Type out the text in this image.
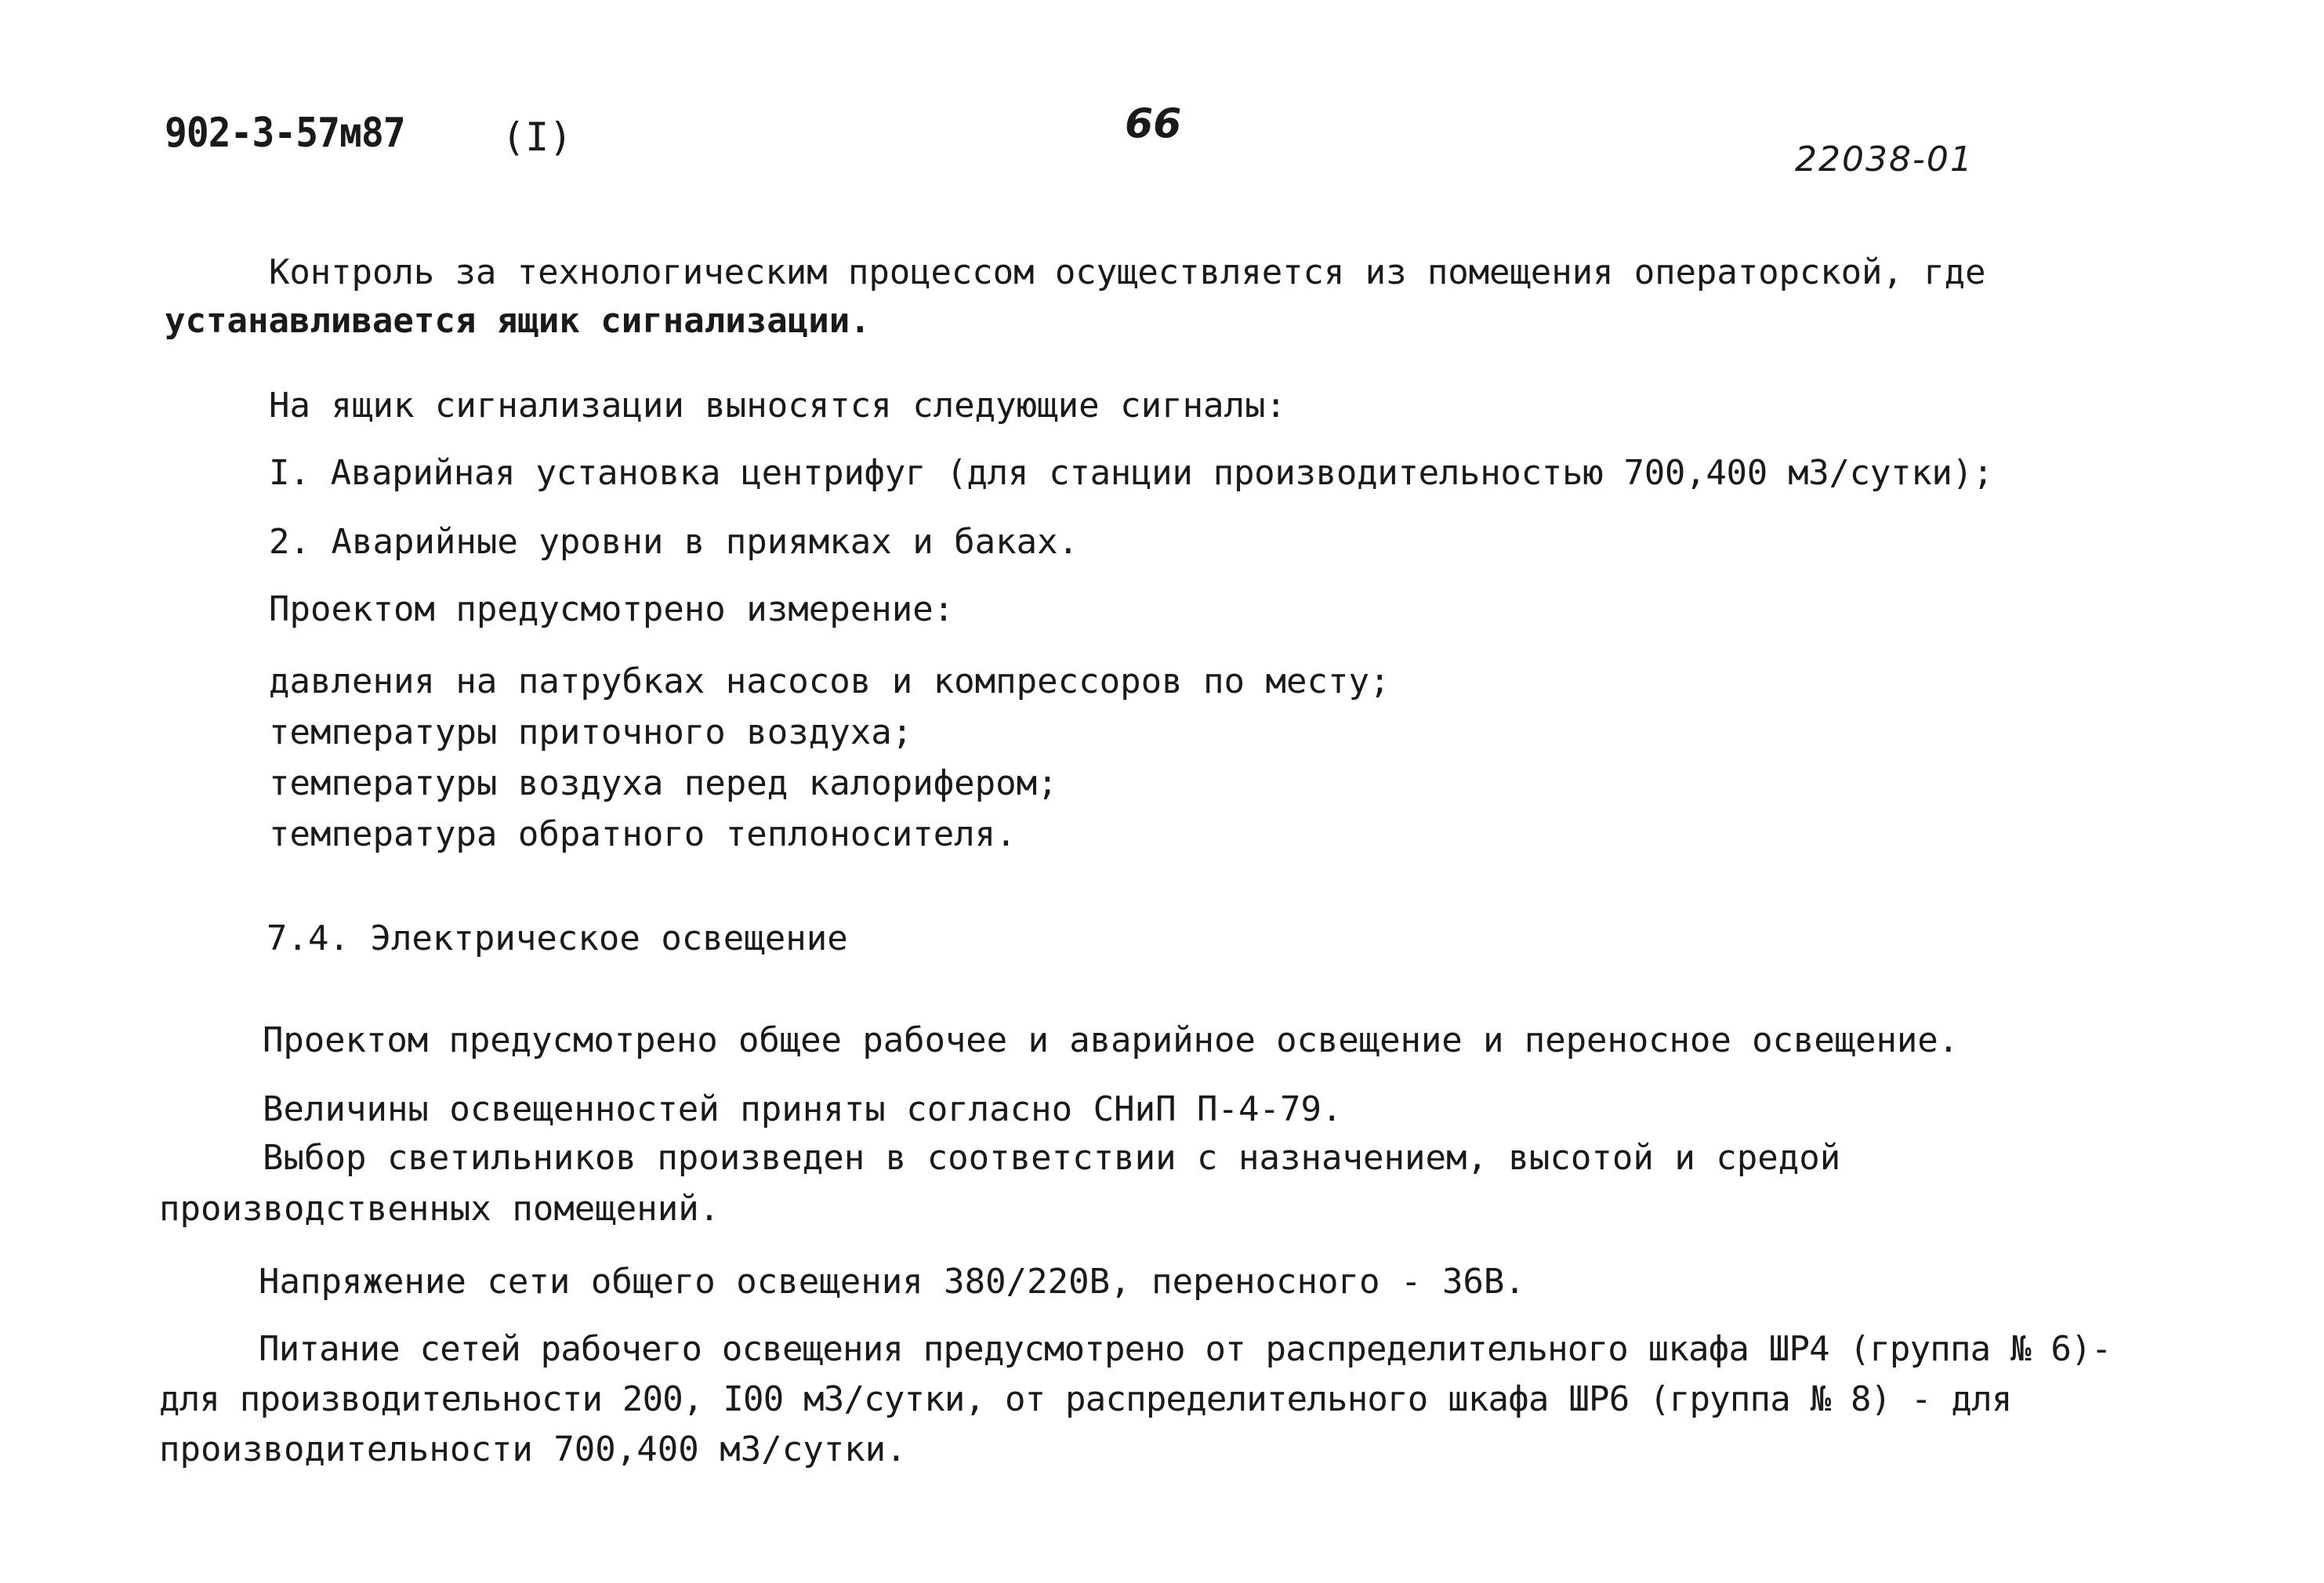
902-3-57м87 (I)	66
22038-01
Контроль за технологическим процессом осуществляется из помещения операторской, где
устанавливается ящик сигнализации.
На ящик сигнализации выносятся следующие сигналы:
I. Аварийная установка центрифуг (для станции производительностью 700,400 м3/сутки);
2. Аварийные уровни в приямках и баках.
Проектом предусмотрено измерение:
давления на патрубках насосов и компрессоров по месту;
температуры приточного воздуха;
температуры воздуха перед калорифером;
температура обратного теплоносителя.
7.4. Электрическое освещение
Проектом предусмотрено общее рабочее и аварийное освещение и переносное освещение.
Величины освещенностей приняты согласно СНиП П-4-79.
Выбор светильников произведен в соответствии с назначением, высотой и средой
производственных помещений.
Напряжение сети общего освещения 380/220В, переносного - 36В.
Питание сетей рабочего освещения предусмотрено от распределительного шкафа ШР4 (группа № 6)-
для производительности 200, I00 м3/сутки, от распределительного шкафа ШР6 (группа № 8) - для
производительности 700,400 м3/сутки.
